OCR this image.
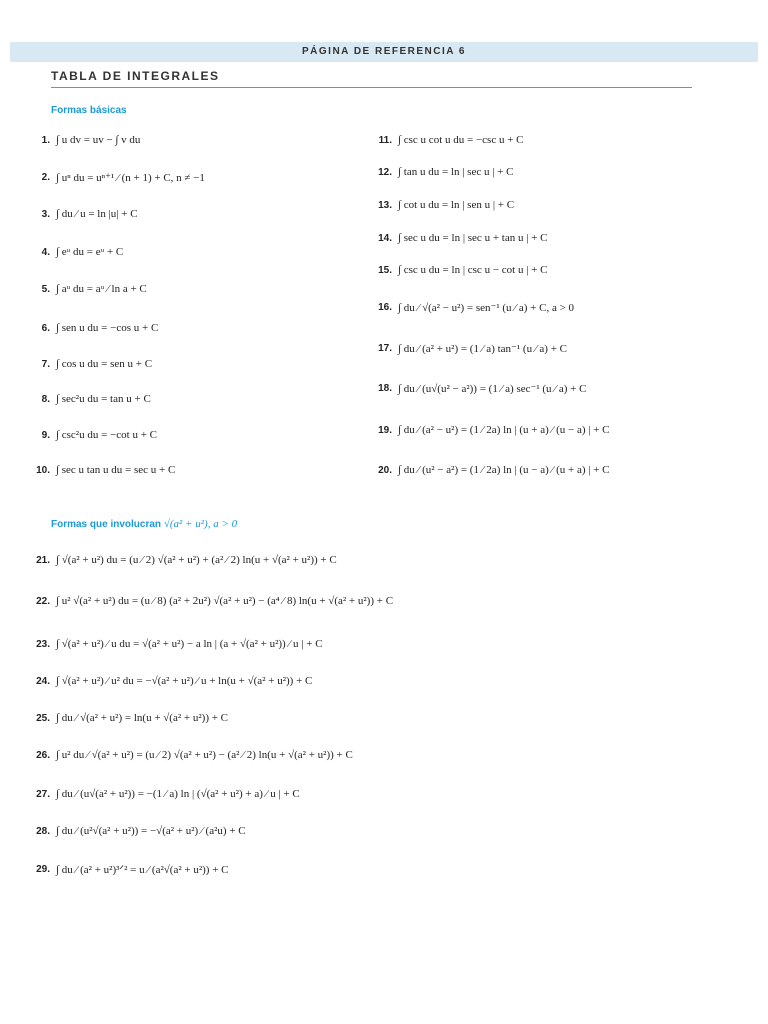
PÁGINA DE REFERENCIA 6
TABLA DE INTEGRALES
Formas básicas
Formas que involucran √(a² + u²), a > 0
1. ∫ u dv = uv − ∫ v du
2. ∫ uⁿ du = uⁿ⁺¹ ⁄ (n + 1) + C, n ≠ −1
3. ∫ du ⁄ u = ln |u| + C
4. ∫ eᵘ du = eᵘ + C
5. ∫ aᵘ du = aᵘ ⁄ ln a + C
6. ∫ sen u du = −cos u + C
7. ∫ cos u du = sen u + C
8. ∫ sec²u du = tan u + C
9. ∫ csc²u du = −cot u + C
10. ∫ sec u tan u du = sec u + C
11. ∫ csc u cot u du = −csc u + C
12. ∫ tan u du = ln | sec u | + C
13. ∫ cot u du = ln | sen u | + C
14. ∫ sec u du = ln | sec u + tan u | + C
15. ∫ csc u du = ln | csc u − cot u | + C
16. ∫ du ⁄ √(a² − u²) = sen⁻¹ (u ⁄ a) + C, a > 0
17. ∫ du ⁄ (a² + u²) = (1 ⁄ a) tan⁻¹ (u ⁄ a) + C
18. ∫ du ⁄ (u√(u² − a²)) = (1 ⁄ a) sec⁻¹ (u ⁄ a) + C
19. ∫ du ⁄ (a² − u²) = (1 ⁄ 2a) ln | (u + a) ⁄ (u − a) | + C
20. ∫ du ⁄ (u² − a²) = (1 ⁄ 2a) ln | (u − a) ⁄ (u + a) | + C
21. ∫ √(a² + u²) du = (u ⁄ 2) √(a² + u²) + (a² ⁄ 2) ln(u + √(a² + u²)) + C
22. ∫ u² √(a² + u²) du = (u ⁄ 8) (a² + 2u²) √(a² + u²) − (a⁴ ⁄ 8) ln(u + √(a² + u²)) + C
23. ∫ √(a² + u²) ⁄ u du = √(a² + u²) − a ln | (a + √(a² + u²)) ⁄ u | + C
24. ∫ √(a² + u²) ⁄ u² du = −√(a² + u²) ⁄ u + ln(u + √(a² + u²)) + C
25. ∫ du ⁄ √(a² + u²) = ln(u + √(a² + u²)) + C
26. ∫ u² du ⁄ √(a² + u²) = (u ⁄ 2) √(a² + u²) − (a² ⁄ 2) ln(u + √(a² + u²)) + C
27. ∫ du ⁄ (u√(a² + u²)) = −(1 ⁄ a) ln | (√(a² + u²) + a) ⁄ u | + C
28. ∫ du ⁄ (u²√(a² + u²)) = −√(a² + u²) ⁄ (a²u) + C
29. ∫ du ⁄ (a² + u²)³ᐟ² = u ⁄ (a²√(a² + u²)) + C
